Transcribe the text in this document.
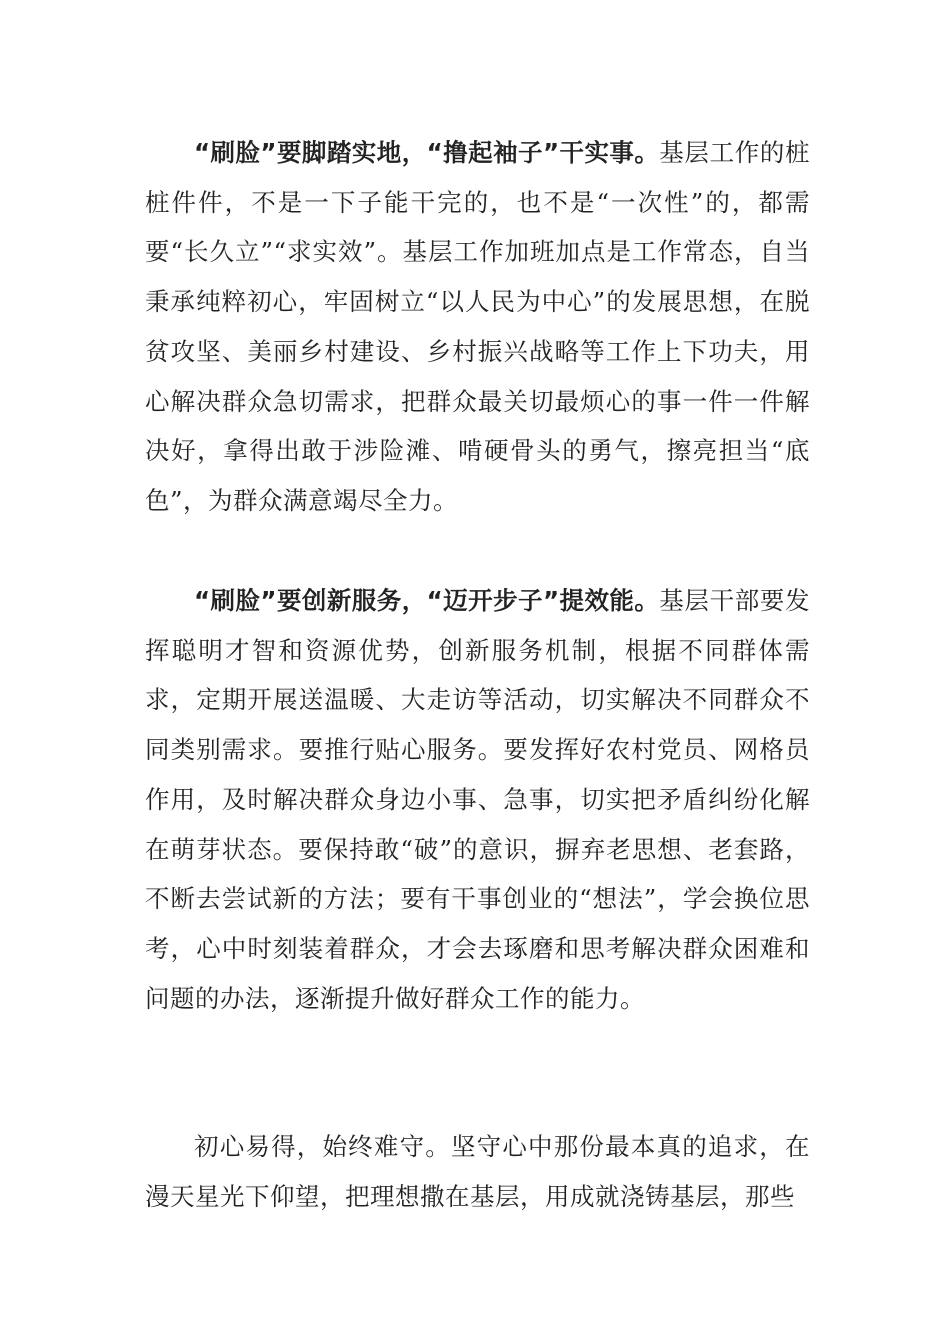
“刷脸”要脚踏实地，“撸起袖子”干实事。基层工作的桩桩件件，不是一下子能干完的，也不是“一次性”的，都需要“长久立”“求实效”。基层工作加班加点是工作常态，自当秉承纯粹初心，牢固树立“以人民为中心”的发展思想，在脱贫攻坚、美丽乡村建设、乡村振兴战略等工作上下功夫，用心解决群众急切需求，把群众最关切最烦心的事一件一件解决好，拿得出敢于涉险滩、啃硬骨头的勇气，擦亮担当“底色”，为群众满意竭尽全力。

“刷脸”要创新服务，“迈开步子”提效能。基层干部要发挥聪明才智和资源优势，创新服务机制，根据不同群体需求，定期开展送温暖、大走访等活动，切实解决不同群众不同类别需求。要推行贴心服务。要发挥好农村党员、网格员作用，及时解决群众身边小事、急事，切实把矛盾纠纷化解在萌芽状态。要保持敢“破”的意识，摒弃老思想、老套路，不断去尝试新的方法；要有干事创业的“想法”，学会换位思考，心中时刻装着群众，才会去琢磨和思考解决群众困难和问题的办法，逐渐提升做好群众工作的能力。

初心易得，始终难守。坚守心中那份最本真的追求，在漫天星光下仰望，把理想撒在基层，用成就浇铸基层，那些
